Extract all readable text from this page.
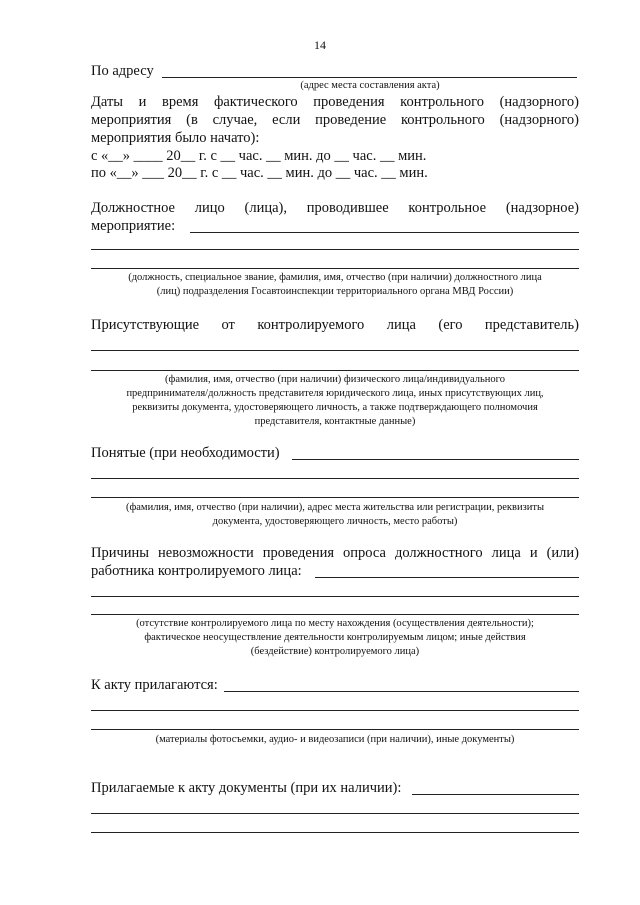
14
По адресу
(адрес места составления акта)
Даты и время фактического проведения контрольного (надзорного)
мероприятия (в случае, если проведение контрольного (надзорного)
мероприятия было начато):
с «__» ____ 20__ г. с __ час. __ мин. до __ час. __ мин.
по «__» ___ 20__ г. с __ час. __ мин. до __ час. __ мин.
Должностное лицо (лица), проводившее контрольное (надзорное)
мероприятие:
(должность, специальное звание, фамилия, имя, отчество (при наличии) должностного лица
(лиц) подразделения Госавтоинспекции территориального органа МВД России)
Присутствующие от контролируемого лица (его представитель)
(фамилия, имя, отчество (при наличии) физического лица/индивидуального
предпринимателя/должность представителя юридического лица, иных присутствующих лиц,
реквизиты документа, удостоверяющего личность, а также подтверждающего полномочия
представителя, контактные данные)
Понятые (при необходимости)
(фамилия, имя, отчество (при наличии), адрес места жительства или регистрации, реквизиты
документа, удостоверяющего личность, место работы)
Причины невозможности проведения опроса должностного лица и (или)
работника контролируемого лица:
(отсутствие контролируемого лица по месту нахождения (осуществления деятельности);
фактическое неосуществление деятельности контролируемым лицом; иные действия
(бездействие) контролируемого лица)
К акту прилагаются:
(материалы фотосъемки, аудио- и видеозаписи (при наличии), иные документы)
Прилагаемые к акту документы (при их наличии):
